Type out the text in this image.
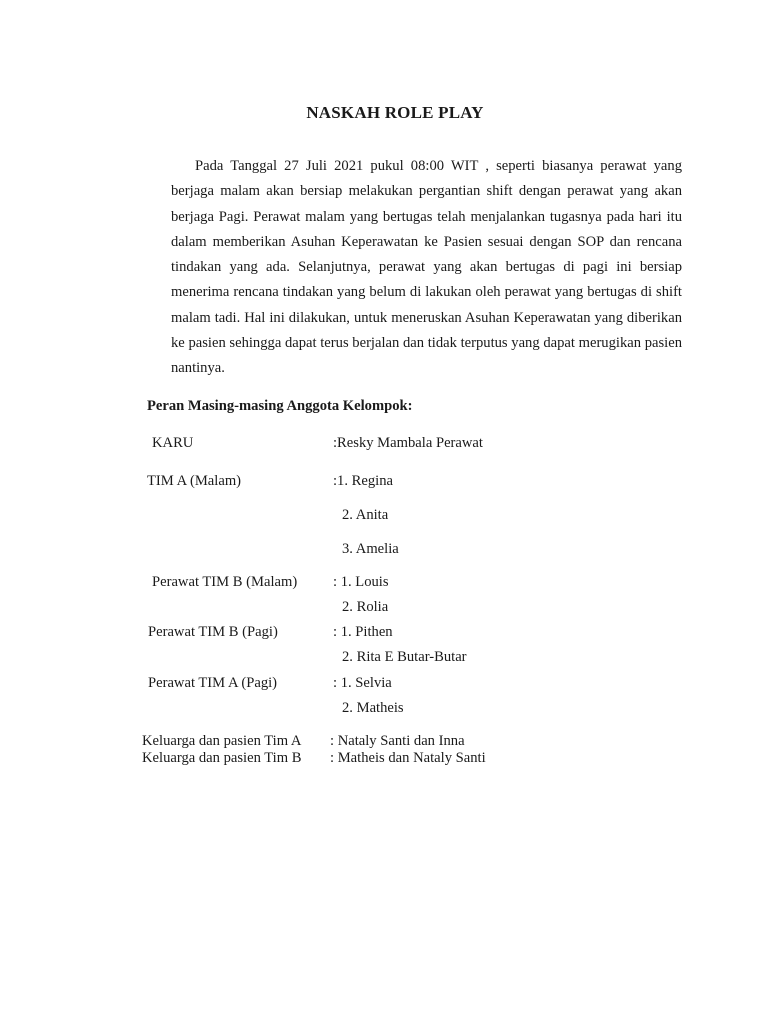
NASKAH ROLE PLAY

Pada Tanggal 27 Juli 2021 pukul 08:00 WIT , seperti biasanya perawat yang berjaga malam akan bersiap melakukan pergantian shift dengan perawat yang akan berjaga Pagi. Perawat malam yang bertugas telah menjalankan tugasnya pada hari itu dalam memberikan Asuhan Keperawatan ke Pasien sesuai dengan SOP dan rencana tindakan yang ada. Selanjutnya, perawat yang akan bertugas di pagi ini bersiap menerima rencana tindakan yang belum di lakukan oleh perawat yang bertugas di shift malam tadi. Hal ini dilakukan, untuk meneruskan Asuhan Keperawatan yang diberikan ke pasien sehingga dapat terus berjalan dan tidak terputus yang dapat merugikan pasien nantinya.

Peran Masing-masing Anggota Kelompok:
KARU	:Resky Mambala Perawat
TIM A (Malam)	:1. Regina
2. Anita
3. Amelia
Perawat TIM B (Malam) : 1. Louis
2. Rolia
Perawat TIM B (Pagi)	: 1. Pithen
2. Rita E Butar-Butar
Perawat TIM A (Pagi)	: 1. Selvia
2. Matheis
Keluarga dan pasien Tim A : Nataly Santi dan Inna
Keluarga dan pasien Tim B : Matheis dan Nataly Santi
